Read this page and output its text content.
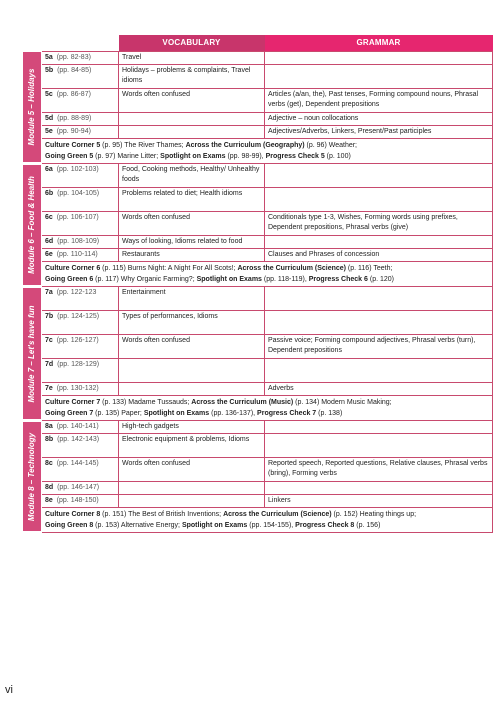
		VOCABULARY	GRAMMAR

Module 5 – Holidays	5a (pp. 82-83)	Travel	
	5b (pp. 84-85)	Holidays – problems & complaints, Travel idioms	
	5c (pp. 86-87)	Words often confused	Articles (a/an, the), Past tenses, Forming compound nouns, Phrasal verbs (get), Dependent prepositions
	5d (pp. 88-89)		Adjective – noun collocations
	5e (pp. 90-94)		Adjectives/Adverbs, Linkers, Present/Past participles

	Culture Corner 5 (p. 95) The River Thames; Across the Curriculum (Geography) (p. 96) Weather;
Going Green 5 (p. 97) Marine Litter; Spotlight on Exams (pp. 98-99), Progress Check 5 (p. 100)		

Module 6 – Food & Health	6a (pp. 102-103)	Food, Cooking methods, Healthy/ Unhealthy foods	
	6b (pp. 104-105)	Problems related to diet; Health idioms	
	6c (pp. 106-107)	Words often confused	Conditionals type 1-3, Wishes, Forming words using prefixes, Dependent prepositions, Phrasal verbs (give)
	6d (pp. 108-109)	Ways of looking, Idioms related to food	
	6e (pp. 110-114)	Restaurants	Clauses and Phrases of concession

	Culture Corner 6 (p. 115) Burns Night: A Night For All Scots!; Across the Curriculum (Science) (p. 116) Teeth;
Going Green 6 (p. 117) Why Organic Farming?; Spotlight on Exams (pp. 118-119), Progress Check 6 (p. 120)		

Module 7 – Let's have fun	7a (pp. 122-123	Entertainment	
	7b (pp. 124-125)	Types of performances, Idioms	
	7c (pp. 126-127)	Words often confused	Passive voice; Forming compound adjectives, Phrasal verbs (turn), Dependent prepositions
	7d (pp. 128-129)		
	7e (pp. 130-132)		Adverbs

	Culture Corner 7 (p. 133) Madame Tussauds; Across the Curriculum (Music) (p. 134) Modern Music Making;
Going Green 7 (p. 135) Paper; Spotlight on Exams (pp. 136-137), Progress Check 7 (p. 138)		

Module 8 – Technology	8a (pp. 140-141)	High-tech gadgets	
	8b (pp. 142-143)	Electronic equipment & problems, Idioms	
	8c (pp. 144-145)	Words often confused	Reported speech, Reported questions, Relative clauses, Phrasal verbs (bring), Forming verbs
	8d (pp. 146-147)		
	8e (pp. 148-150)		Linkers

	Culture Corner 8 (p. 151) The Best of British Inventions; Across the Curriculum (Science) (p. 152) Heating things up;
Going Green 8 (p. 153) Alternative Energy; Spotlight on Exams (pp. 154-155), Progress Check 8 (p. 156)		
vi
